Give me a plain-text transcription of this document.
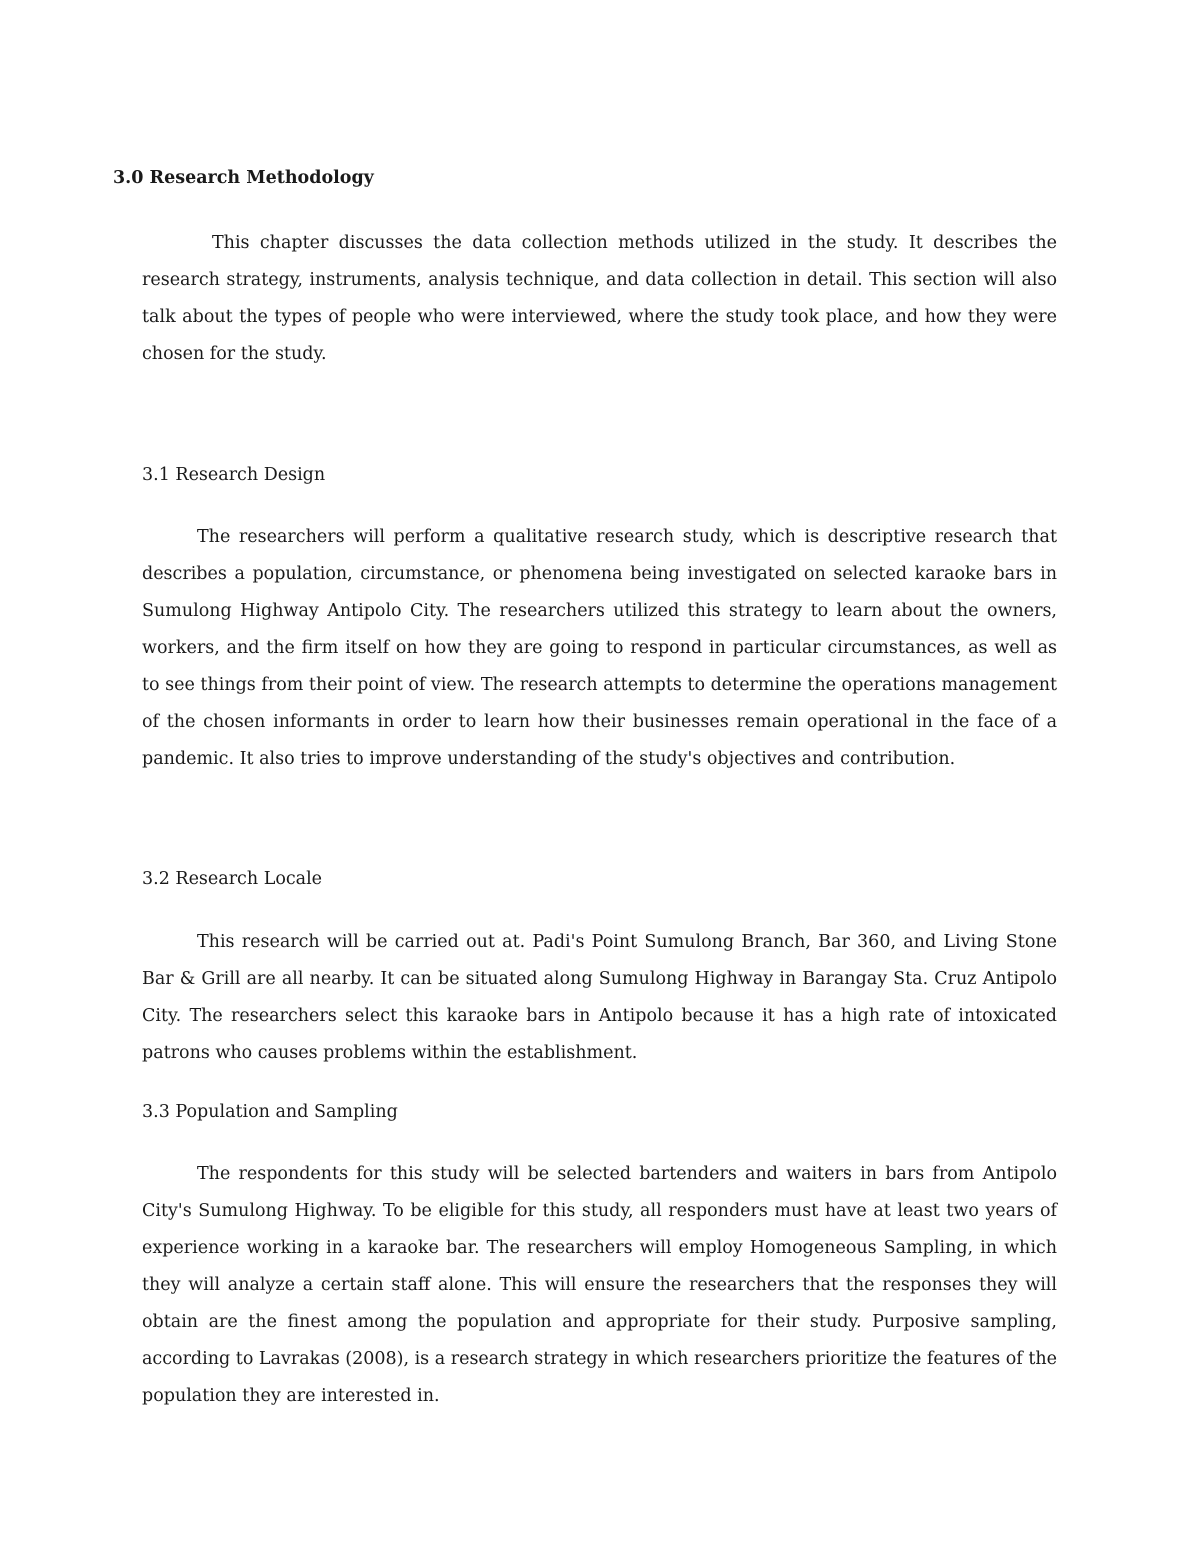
3.0 Research Methodology

This chapter discusses the data collection methods utilized in the study. It describes the research strategy, instruments, analysis technique, and data collection in detail. This section will also talk about the types of people who were interviewed, where the study took place, and how they were chosen for the study.

3.1 Research Design

The researchers will perform a qualitative research study, which is descriptive research that describes a population, circumstance, or phenomena being investigated on selected karaoke bars in Sumulong Highway Antipolo City. The researchers utilized this strategy to learn about the owners, workers, and the firm itself on how they are going to respond in particular circumstances, as well as to see things from their point of view. The research attempts to determine the operations management of the chosen informants in order to learn how their businesses remain operational in the face of a pandemic. It also tries to improve understanding of the study's objectives and contribution.

3.2 Research Locale

This research will be carried out at. Padi's Point Sumulong Branch, Bar 360, and Living Stone Bar & Grill are all nearby. It can be situated along Sumulong Highway in Barangay Sta. Cruz Antipolo City. The researchers select this karaoke bars in Antipolo because it has a high rate of intoxicated patrons who causes problems within the establishment.

3.3 Population and Sampling

The respondents for this study will be selected bartenders and waiters in bars from Antipolo City's Sumulong Highway. To be eligible for this study, all responders must have at least two years of experience working in a karaoke bar. The researchers will employ Homogeneous Sampling, in which they will analyze a certain staff alone. This will ensure the researchers that the responses they will obtain are the finest among the population and appropriate for their study. Purposive sampling, according to Lavrakas (2008), is a research strategy in which researchers prioritize the features of the population they are interested in.
